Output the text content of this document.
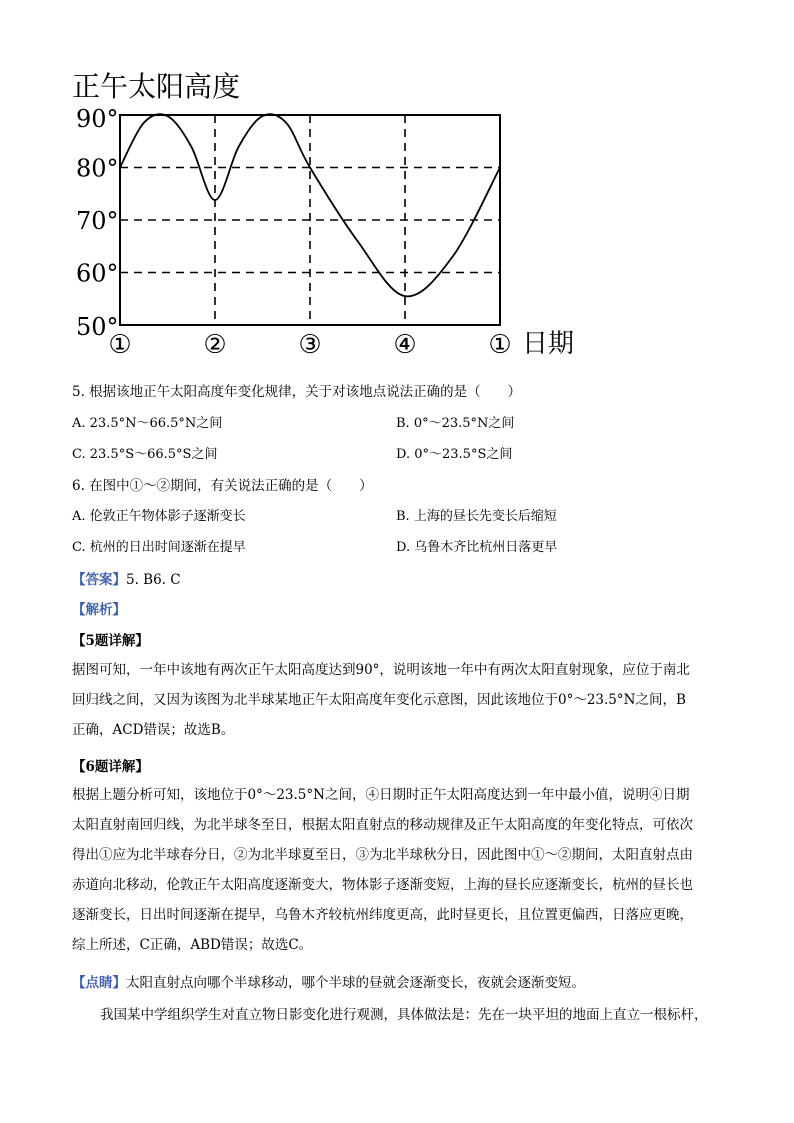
正午太阳高度
90°
80°
70°
60°
50°
①	②	③	④	① 日期
5. 根据该地正午太阳高度年变化规律，关于对该地点说法正确的是（　　）
A. 23.5°N～66.5°N之间	B. 0°～23.5°N之间
C. 23.5°S～66.5°S之间	D. 0°～23.5°S之间
6. 在图中①～②期间，有关说法正确的是（　　）
A. 伦敦正午物体影子逐渐变长	B. 上海的昼长先变长后缩短
C. 杭州的日出时间逐渐在提早	D. 乌鲁木齐比杭州日落更早
【答案】5. B6. C
【解析】
【5题详解】
据图可知，一年中该地有两次正午太阳高度达到90°，说明该地一年中有两次太阳直射现象，应位于南北
回归线之间，又因为该图为北半球某地正午太阳高度年变化示意图，因此该地位于0°～23.5°N之间，B
正确，ACD错误；故选B。
【6题详解】
根据上题分析可知，该地位于0°～23.5°N之间，④日期时正午太阳高度达到一年中最小值，说明④日期
太阳直射南回归线，为北半球冬至日，根据太阳直射点的移动规律及正午太阳高度的年变化特点，可依次
得出①应为北半球春分日，②为北半球夏至日，③为北半球秋分日，因此图中①～②期间，太阳直射点由
赤道向北移动，伦敦正午太阳高度逐渐变大，物体影子逐渐变短，上海的昼长应逐渐变长，杭州的昼长也
逐渐变长，日出时间逐渐在提早，乌鲁木齐较杭州纬度更高，此时昼更长，且位置更偏西，日落应更晚，
综上所述，C正确，ABD错误；故选C。
【点睛】太阳直射点向哪个半球移动，哪个半球的昼就会逐渐变长，夜就会逐渐变短。
我国某中学组织学生对直立物日影变化进行观测，具体做法是：先在一块平坦的地面上直立一根标杆，
